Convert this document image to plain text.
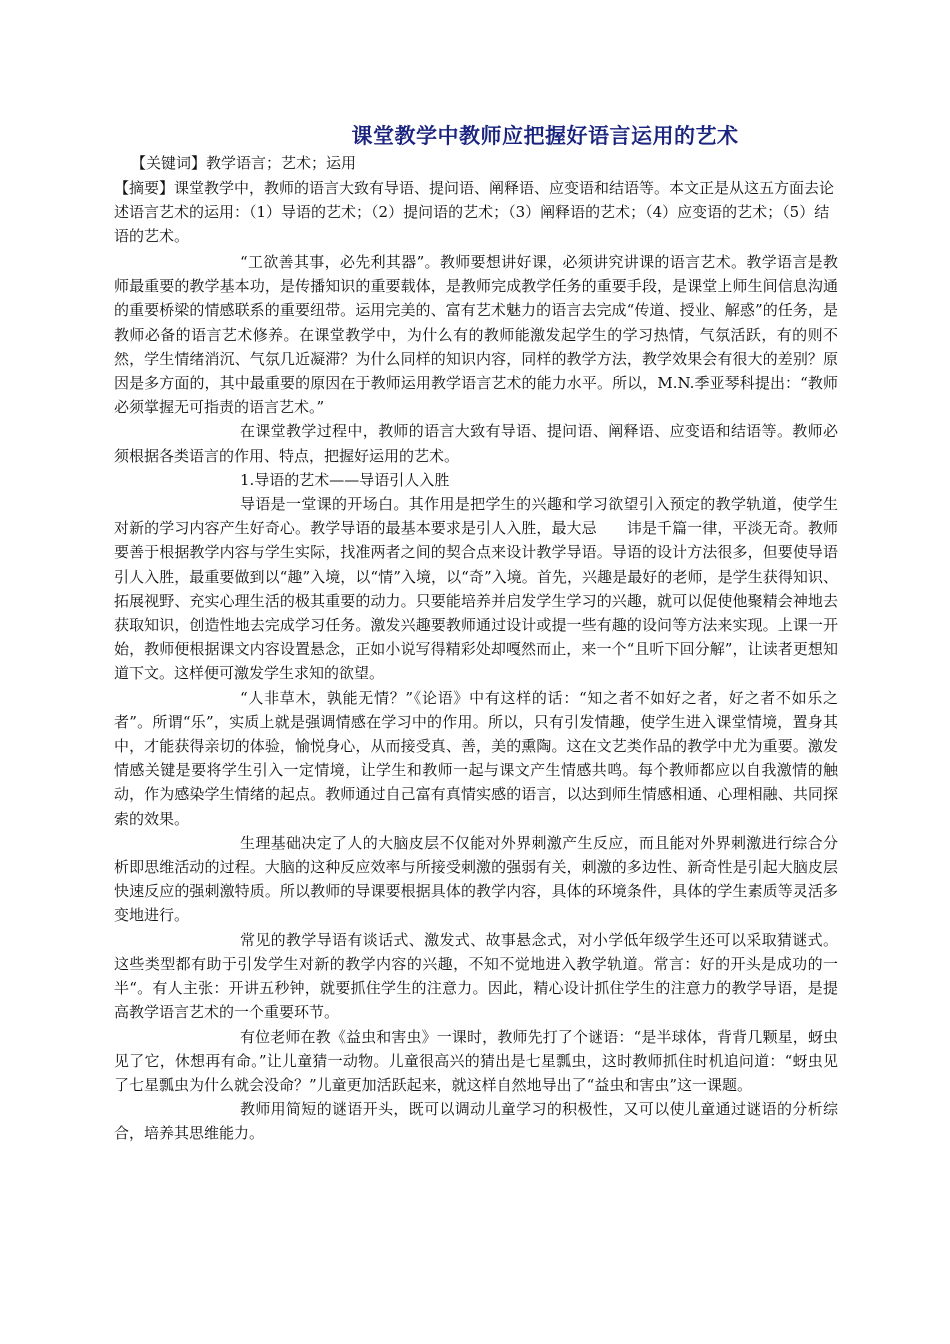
课堂教学中教师应把握好语言运用的艺术
【关键词】教学语言；艺术；运用
【摘要】课堂教学中，教师的语言大致有导语、提问语、阐释语、应变语和结语等。本文正是从这五方面去论述语言艺术的运用：（1）导语的艺术；（2）提问语的艺术；（3）阐释语的艺术；（4）应变语的艺术；（5）结语的艺术。

“工欲善其事，必先利其器”。教师要想讲好课，必须讲究讲课的语言艺术。教学语言是教师最重要的教学基本功，是传播知识的重要载体，是教师完成教学任务的重要手段，是课堂上师生间信息沟通的重要桥梁的情感联系的重要纽带。运用完美的、富有艺术魅力的语言去完成“传道、授业、解惑”的任务，是教师必备的语言艺术修养。在课堂教学中，为什么有的教师能激发起学生的学习热情，气氛活跃，有的则不然，学生情绪消沉、气氛几近凝滞？为什么同样的知识内容，同样的教学方法，教学效果会有很大的差别？原因是多方面的，其中最重要的原因在于教师运用教学语言艺术的能力水平。所以，M.N.季亚琴科提出：“教师必须掌握无可指责的语言艺术。”

在课堂教学过程中，教师的语言大致有导语、提问语、阐释语、应变语和结语等。教师必须根据各类语言的作用、特点，把握好运用的艺术。

1.导语的艺术——导语引人入胜

导语是一堂课的开场白。其作用是把学生的兴趣和学习欲望引入预定的教学轨道，使学生对新的学习内容产生好奇心。教学导语的最基本要求是引人入胜，最大忌　　讳是千篇一律，平淡无奇。教师要善于根据教学内容与学生实际，找准两者之间的契合点来设计教学导语。导语的设计方法很多，但要使导语引人入胜，最重要做到以“趣”入境，以“情”入境，以“奇”入境。首先，兴趣是最好的老师，是学生获得知识、拓展视野、充实心理生活的极其重要的动力。只要能培养并启发学生学习的兴趣，就可以促使他聚精会神地去获取知识，创造性地去完成学习任务。激发兴趣要教师通过设计或提一些有趣的设问等方法来实现。上课一开始，教师便根据课文内容设置悬念，正如小说写得精彩处却嘎然而止，来一个“且听下回分解”，让读者更想知道下文。这样便可激发学生求知的欲望。

“人非草木，孰能无情？”《论语》中有这样的话：“知之者不如好之者，好之者不如乐之者”。所谓“乐”，实质上就是强调情感在学习中的作用。所以，只有引发情趣，使学生进入课堂情境，置身其中，才能获得亲切的体验，愉悦身心，从而接受真、善，美的熏陶。这在文艺类作品的教学中尤为重要。激发情感关键是要将学生引入一定情境，让学生和教师一起与课文产生情感共鸣。每个教师都应以自我激情的触动，作为感染学生情绪的起点。教师通过自己富有真情实感的语言，以达到师生情感相通、心理相融、共同探索的效果。

生理基础决定了人的大脑皮层不仅能对外界刺激产生反应，而且能对外界刺激进行综合分析即思维活动的过程。大脑的这种反应效率与所接受刺激的强弱有关，刺激的多边性、新奇性是引起大脑皮层快速反应的强刺激特质。所以教师的导课要根据具体的教学内容，具体的环境条件，具体的学生素质等灵活多变地进行。

常见的教学导语有谈话式、激发式、故事悬念式，对小学低年级学生还可以采取猜谜式。这些类型都有助于引发学生对新的教学内容的兴趣，不知不觉地进入教学轨道。常言：好的开头是成功的一半“。有人主张：开讲五秒钟，就要抓住学生的注意力。因此，精心设计抓住学生的注意力的教学导语，是提高教学语言艺术的一个重要环节。

有位老师在教《益虫和害虫》一课时，教师先打了个谜语：“是半球体，背背几颗星，蚜虫见了它，休想再有命。”让儿童猜一动物。儿童很高兴的猜出是七星瓢虫，这时教师抓住时机追问道：“蚜虫见了七星瓢虫为什么就会没命？”儿童更加活跃起来，就这样自然地导出了“益虫和害虫”这一课题。

教师用简短的谜语开头，既可以调动儿童学习的积极性，又可以使儿童通过谜语的分析综合，培养其思维能力。
